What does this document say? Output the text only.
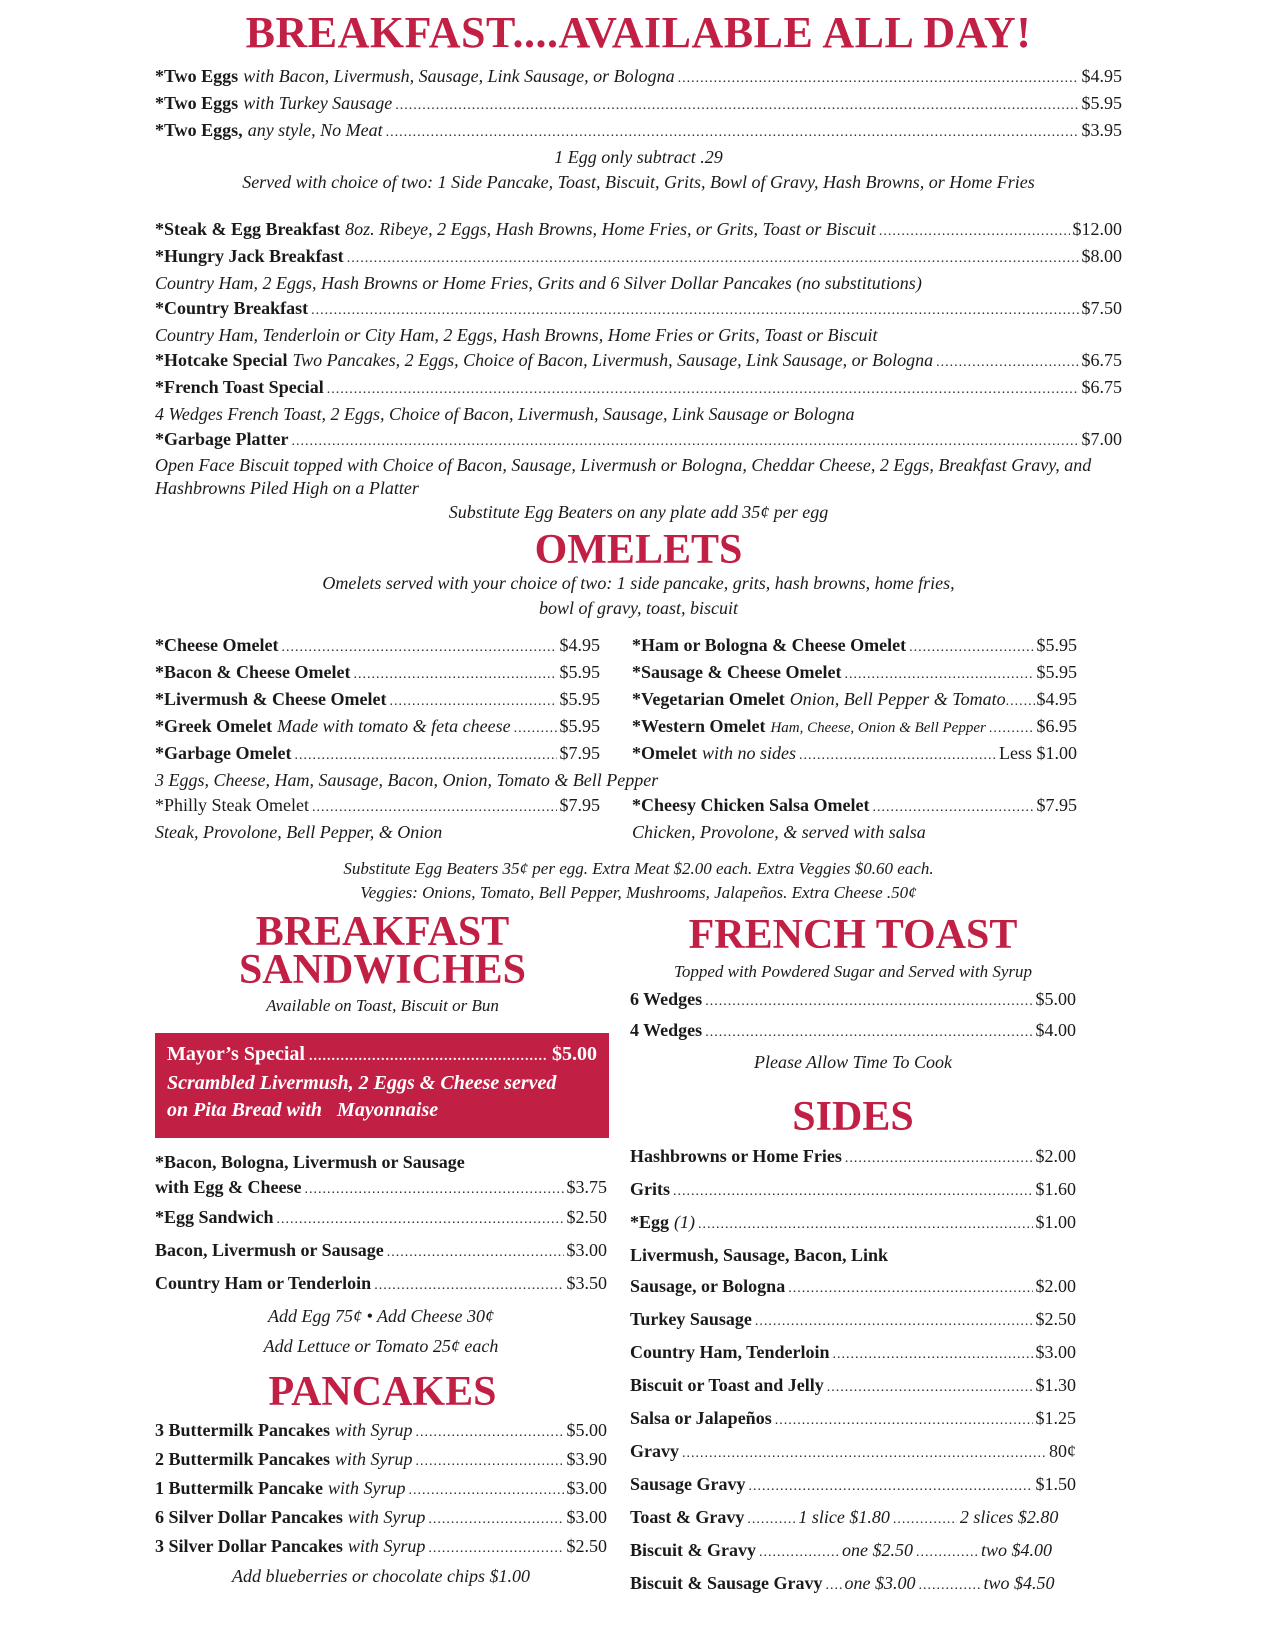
BREAKFAST....AVAILABLE ALL DAY!
*Two Eggs with Bacon, Livermush, Sausage, Link Sausage, or Bologna .....	$4.95
*Two Eggs with Turkey Sausage .....	$5.95
*Two Eggs, any style, No Meat .....	$3.95
1 Egg only subtract .29
Served with choice of two: 1 Side Pancake, Toast, Biscuit, Grits, Bowl of Gravy, Hash Browns, or Home Fries
*Steak & Egg Breakfast 8oz. Ribeye, 2 Eggs, Hash Browns, Home Fries, or Grits, Toast or Biscuit .....	$12.00
*Hungry Jack Breakfast .....	$8.00
Country Ham, 2 Eggs, Hash Browns or Home Fries, Grits and 6 Silver Dollar Pancakes (no substitutions)
*Country Breakfast .....	$7.50
Country Ham, Tenderloin or City Ham, 2 Eggs, Hash Browns, Home Fries or Grits, Toast or Biscuit
*Hotcake Special Two Pancakes, 2 Eggs, Choice of Bacon, Livermush, Sausage, Link Sausage, or Bologna .....	$6.75
*French Toast Special .....	$6.75
4 Wedges French Toast, 2 Eggs, Choice of Bacon, Livermush, Sausage, Link Sausage or Bologna
*Garbage Platter .....	$7.00
Open Face Biscuit topped with Choice of Bacon, Sausage, Livermush or Bologna, Cheddar Cheese, 2 Eggs, Breakfast Gravy, and Hashbrowns Piled High on a Platter
Substitute Egg Beaters on any plate add 35¢ per egg
OMELETS
Omelets served with your choice of two: 1 side pancake, grits, hash browns, home fries,
bowl of gravy, toast, biscuit
*Cheese Omelet .....	$4.95
*Bacon & Cheese Omelet .....	$5.95
*Livermush & Cheese Omelet .....	$5.95
*Greek Omelet Made with tomato & feta cheese .....	$5.95
*Garbage Omelet .....	$7.95
3 Eggs, Cheese, Ham, Sausage, Bacon, Onion, Tomato & Bell Pepper
*Philly Steak Omelet .....	$7.95
Steak, Provolone, Bell Pepper, & Onion
*Ham or Bologna & Cheese Omelet .....	$5.95
*Sausage & Cheese Omelet .....	$5.95
*Vegetarian Omelet Onion, Bell Pepper & Tomato ..... $4.95
*Western Omelet Ham, Cheese, Onion & Bell Pepper .....	$6.95
*Omelet with no sides .....	Less $1.00
*Cheesy Chicken Salsa Omelet .....	$7.95
Chicken, Provolone, & served with salsa
Substitute Egg Beaters 35¢ per egg. Extra Meat $2.00 each. Extra Veggies $0.60 each.
Veggies: Onions, Tomato, Bell Pepper, Mushrooms, Jalapeños. Extra Cheese .50¢
BREAKFAST
SANDWICHES
Available on Toast, Biscuit or Bun
Mayor’s Special .....	$5.00
Scrambled Livermush, 2 Eggs & Cheese served
on Pita Bread with   Mayonnaise
*Bacon, Bologna, Livermush or Sausage
with Egg & Cheese .....	$3.75
*Egg Sandwich .....	$2.50
Bacon, Livermush or Sausage .....	$3.00
Country Ham or Tenderloin .....	$3.50
Add Egg 75¢ • Add Cheese 30¢
Add Lettuce or Tomato 25¢ each
PANCAKES
3 Buttermilk Pancakes with Syrup .....	$5.00
2 Buttermilk Pancakes with Syrup .....	$3.90
1 Buttermilk Pancake with Syrup .....	$3.00
6 Silver Dollar Pancakes with Syrup .....	$3.00
3 Silver Dollar Pancakes with Syrup .....	$2.50
Add blueberries or chocolate chips $1.00
FRENCH TOAST
Topped with Powdered Sugar and Served with Syrup
6 Wedges .....	$5.00
4 Wedges .....	$4.00
Please Allow Time To Cook
SIDES
Hashbrowns or Home Fries .....	$2.00
Grits .....	$1.60
*Egg (1) .....	$1.00
Livermush, Sausage, Bacon, Link
Sausage, or Bologna .....	$2.00
Turkey Sausage .....	$2.50
Country Ham, Tenderloin .....	$3.00
Biscuit or Toast and Jelly .....	$1.30
Salsa or Jalapeños .....	$1.25
Gravy .....	80¢
Sausage Gravy .....	$1.50
Toast & Gravy .....	1 slice $1.80 .....	2 slices $2.80
Biscuit & Gravy .....	one $2.50 .....	two $4.00
Biscuit & Sausage Gravy ..... one $3.00 .....	two $4.50
